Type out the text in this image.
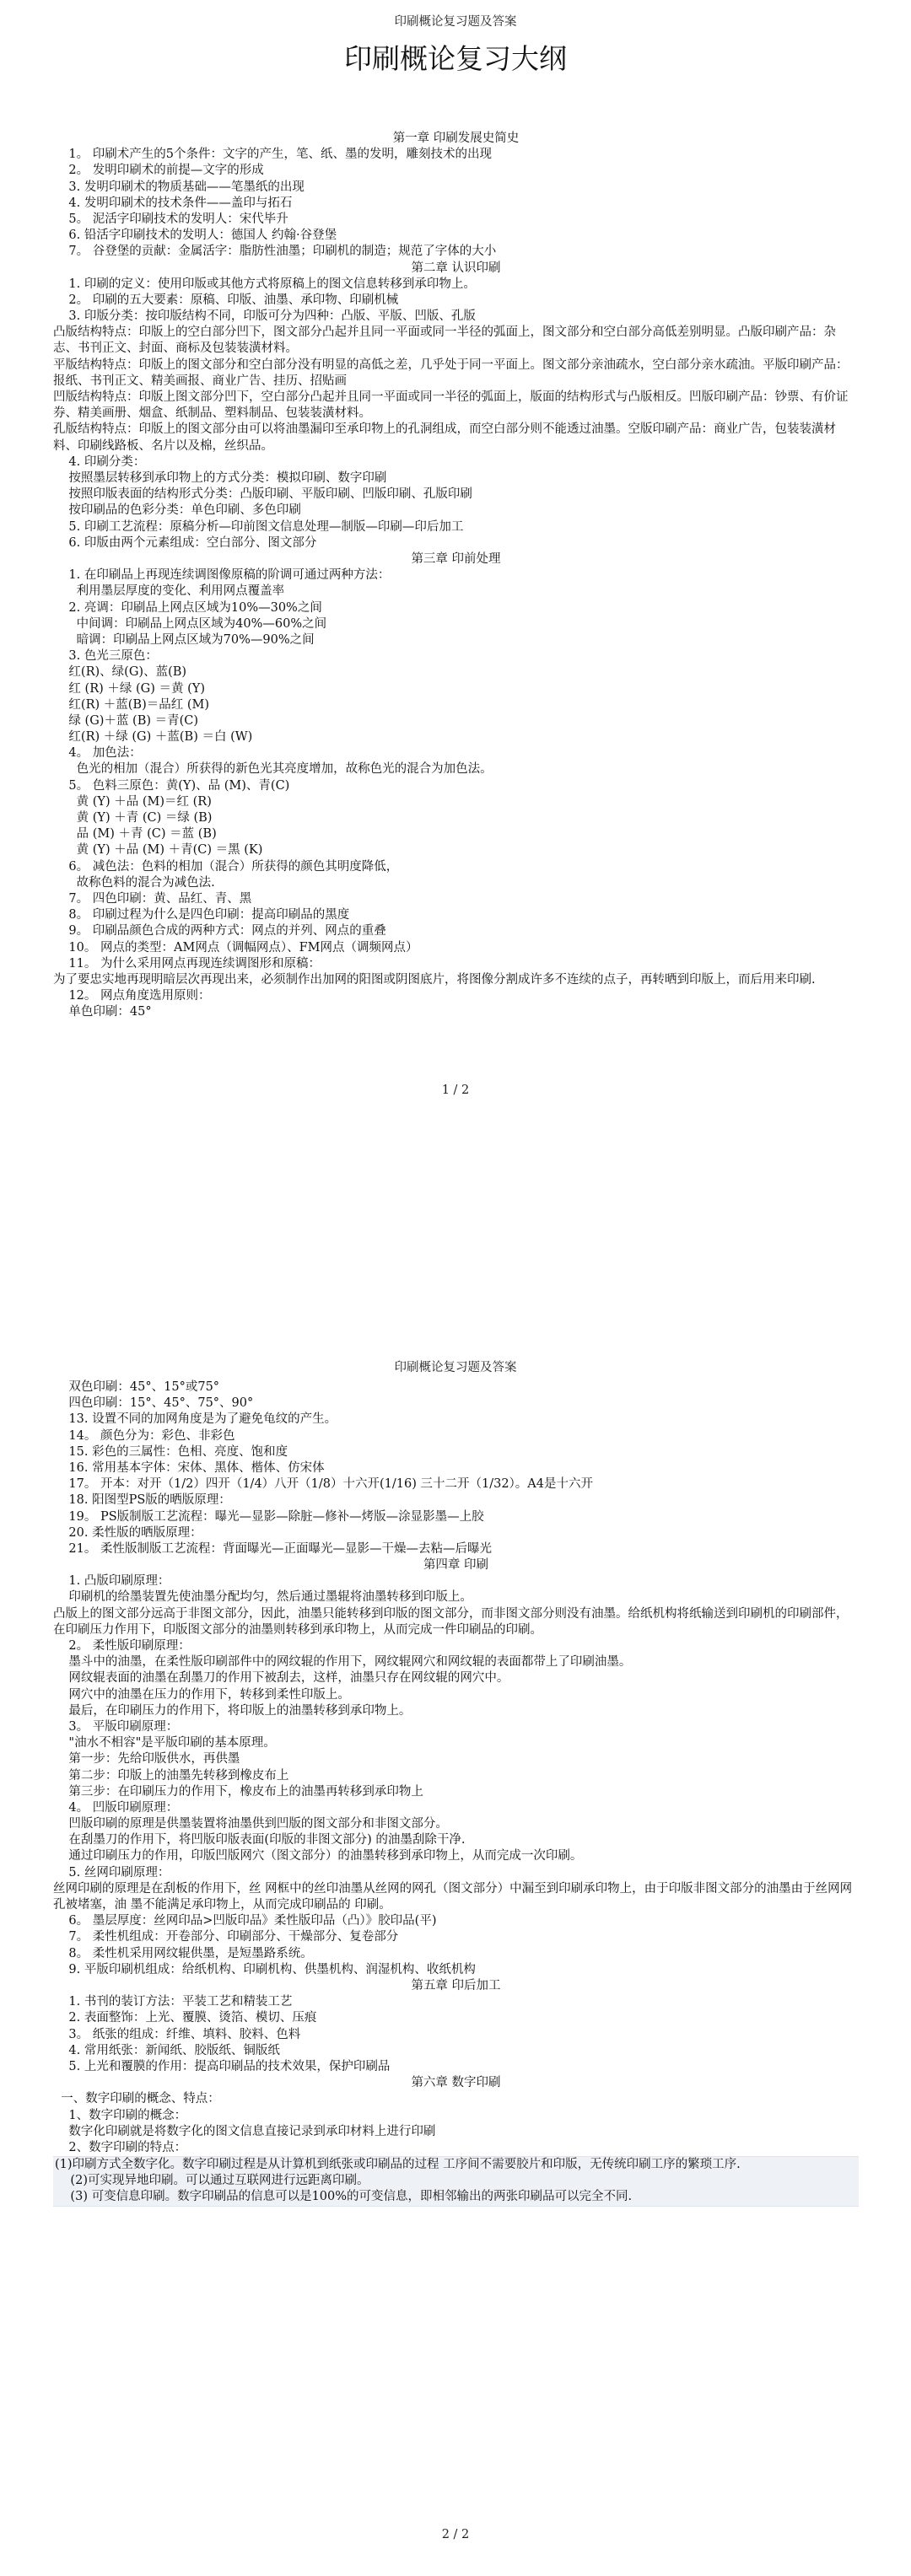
印刷概论复习题及答案
印刷概论复习大纲
第一章 印刷发展史简史
1。 印刷术产生的5个条件：文字的产生，笔、纸、墨的发明，雕刻技术的出现
2。 发明印刷术的前提—文字的形成
3. 发明印刷术的物质基础——笔墨纸的出现
4. 发明印刷术的技术条件——盖印与拓石
5。 泥活字印刷技术的发明人：宋代毕升
6. 铅活字印刷技术的发明人：德国人 约翰·谷登堡
7。 谷登堡的贡献：金属活字：脂肪性油墨；印刷机的制造；规范了字体的大小
第二章 认识印刷
1. 印刷的定义：使用印版或其他方式将原稿上的图文信息转移到承印物上。
2。 印刷的五大要素：原稿、印版、油墨、承印物、印刷机械
3. 印版分类：按印版结构不同，印版可分为四种：凸版、平版、凹版、孔版
凸版结构特点：印版上的空白部分凹下，图文部分凸起并且同一平面或同一半径的弧面上，图文部分和空白部分高低差别明显。凸版印刷产品：杂志、书刊正文、封面、商标及包装装潢材料。
平版结构特点：印版上的图文部分和空白部分没有明显的高低之差，几乎处于同一平面上。图文部分亲油疏水，空白部分亲水疏油。平版印刷产品：报纸、书刊正文、精美画报、商业广告、挂历、招贴画
凹版结构特点：印版上图文部分凹下，空白部分凸起并且同一平面或同一半径的弧面上，版面的结构形式与凸版相反。凹版印刷产品：钞票、有价证券、精美画册、烟盒、纸制品、塑料制品、包装装潢材料。
孔版结构特点：印版上的图文部分由可以将油墨漏印至承印物上的孔洞组成，而空白部分则不能透过油墨。空版印刷产品：商业广告，包装装潢材料、印刷线路板、名片以及棉，丝织品。
4. 印刷分类：
按照墨层转移到承印物上的方式分类：模拟印刷、数字印刷
按照印版表面的结构形式分类：凸版印刷、平版印刷、凹版印刷、孔版印刷
按印刷品的色彩分类：单色印刷、多色印刷
5. 印刷工艺流程：原稿分析—印前图文信息处理—制版—印刷—印后加工
6. 印版由两个元素组成：空白部分、图文部分
第三章 印前处理
1. 在印刷品上再现连续调图像原稿的阶调可通过两种方法：
利用墨层厚度的变化、利用网点覆盖率
2. 亮调：印刷品上网点区域为10%—30%之间
中间调：印刷品上网点区域为40%—60%之间
暗调：印刷品上网点区域为70%—90%之间
3. 色光三原色：
红(R)、绿(G)、蓝(B)
红 (R) ＋绿 (G) ＝黄 (Y)
红(R) ＋蓝(B)＝品红 (M)
绿 (G)＋蓝 (B) ＝青(C)
红(R) ＋绿 (G) ＋蓝(B) ＝白 (W)
4。 加色法：
色光的相加（混合）所获得的新色光其亮度增加，故称色光的混合为加色法。
5。 色料三原色：黄(Y)、品 (M)、青(C)
黄 (Y) ＋品 (M)＝红 (R)
黄 (Y) ＋青 (C) ＝绿 (B)
品 (M) ＋青 (C) ＝蓝 (B)
黄 (Y) ＋品 (M) ＋青(C) ＝黑 (K)
6。 减色法：色料的相加（混合）所获得的颜色其明度降低，
故称色料的混合为减色法.
7。 四色印刷：黄、品红、青、黑
8。 印刷过程为什么是四色印刷：提高印刷品的黑度
9。 印刷品颜色合成的两种方式：网点的并列、网点的重叠
10。 网点的类型：AM网点（调幅网点）、FM网点（调频网点）
11。 为什么采用网点再现连续调图形和原稿：
为了要忠实地再现明暗层次再现出来，必须制作出加网的阳图或阴图底片，将图像分割成许多不连续的点子，再转晒到印版上，而后用来印刷.
12。 网点角度选用原则：
单色印刷：45°
1 / 2
印刷概论复习题及答案
双色印刷：45°、15°或75°
四色印刷：15°、45°、75°、90°
13. 设置不同的加网角度是为了避免龟纹的产生。
14。 颜色分为：彩色、非彩色
15. 彩色的三属性：色相、亮度、饱和度
16. 常用基本字体：宋体、黑体、楷体、仿宋体
17。 开本：对开（1/2）四开（1/4）八开（1/8）十六开(1/16) 三十二开（1/32）。A4是十六开
18. 阳图型PS版的晒版原理：
19。 PS版制版工艺流程：曝光—显影—除脏—修补—烤版—涂显影墨—上胶
20. 柔性版的晒版原理：
21。 柔性版制版工艺流程：背面曝光—正面曝光—显影—干燥—去粘—后曝光
第四章 印刷
1. 凸版印刷原理：
印刷机的给墨装置先使油墨分配均匀，然后通过墨辊将油墨转移到印版上。
凸版上的图文部分远高于非图文部分，因此，油墨只能转移到印版的图文部分，而非图文部分则没有油墨。给纸机构将纸输送到印刷机的印刷部件，在印刷压力作用下，印版图文部分的油墨则转移到承印物上，从而完成一件印刷品的印刷。
2。 柔性版印刷原理：
墨斗中的油墨，在柔性版印刷部件中的网纹辊的作用下，网纹辊网穴和网纹辊的表面都带上了印刷油墨。
网纹辊表面的油墨在刮墨刀的作用下被刮去，这样，油墨只存在网纹辊的网穴中。
网穴中的油墨在压力的作用下，转移到柔性印版上。
最后，在印刷压力的作用下，将印版上的油墨转移到承印物上。
3。 平版印刷原理：
"油水不相容"是平版印刷的基本原理。
第一步：先给印版供水，再供墨
第二步：印版上的油墨先转移到橡皮布上
第三步：在印刷压力的作用下，橡皮布上的油墨再转移到承印物上
4。 凹版印刷原理：
凹版印刷的原理是供墨装置将油墨供到凹版的图文部分和非图文部分。
在刮墨刀的作用下，将凹版印版表面(印版的非图文部分) 的油墨刮除干净.
通过印刷压力的作用，印版凹版网穴（图文部分）的油墨转移到承印物上，从而完成一次印刷。
5. 丝网印刷原理：
丝网印刷的原理是在刮板的作用下，丝 网框中的丝印油墨从丝网的网孔（图文部分）中漏至到印刷承印物上，由于印版非图文部分的油墨由于丝网网孔被堵塞，油 墨不能满足承印物上，从而完成印刷品的 印刷。
6。 墨层厚度：丝网印品>凹版印品》柔性版印品（凸）》胶印品(平)
7。 柔性机组成：开卷部分、印刷部分、干燥部分、复卷部分
8。 柔性机采用网纹辊供墨，是短墨路系统。
9. 平版印刷机组成：给纸机构、印刷机构、供墨机构、润湿机构、收纸机构
第五章 印后加工
1. 书刊的装订方法：平装工艺和精装工艺
2. 表面整饰：上光、覆膜、烫箔、模切、压痕
3。 纸张的组成：纤维、填料、胶料、色料
4. 常用纸张：新闻纸、胶版纸、铜版纸
5. 上光和覆膜的作用：提高印刷品的技术效果，保护印刷品
第六章 数字印刷
一、数字印刷的概念、特点：
1、数字印刷的概念：
数字化印刷就是将数字化的图文信息直接记录到承印材料上进行印刷
2、数字印刷的特点：
(1)印刷方式全数字化。数字印刷过程是从计算机到纸张或印刷品的过程 工序间不需要胶片和印版，无传统印刷工序的繁琐工序.
(2)可实现异地印刷。可以通过互联网进行远距离印刷。
(3) 可变信息印刷。数字印刷品的信息可以是100%的可变信息，即相邻输出的两张印刷品可以完全不同.
2 / 2
